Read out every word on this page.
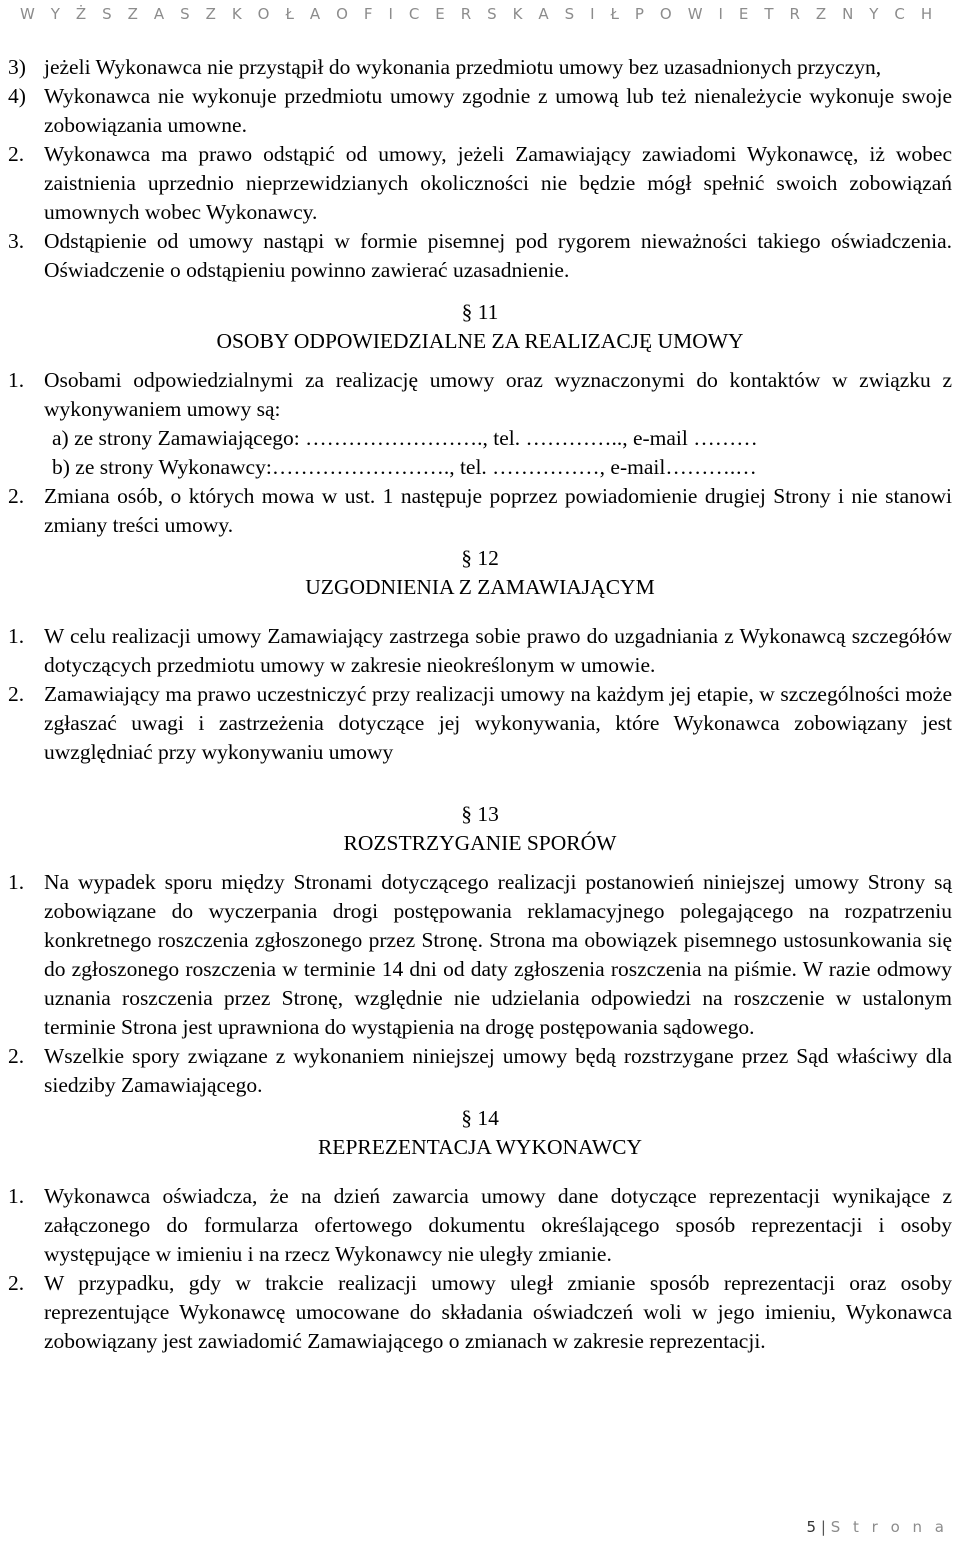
W Y Ż S Z A S Z K O Ł A O F I C E R S K A S I Ł P O W I E T R Z N Y C H
3) jeżeli Wykonawca nie przystąpił do wykonania przedmiotu umowy bez uzasadnionych przyczyn,
4) Wykonawca nie wykonuje przedmiotu umowy zgodnie z umową lub też nienależycie wykonuje swoje zobowiązania umowne.
2. Wykonawca ma prawo odstąpić od umowy, jeżeli Zamawiający zawiadomi Wykonawcę, iż wobec zaistnienia uprzednio nieprzewidzianych okoliczności nie będzie mógł spełnić swoich zobowiązań umownych wobec Wykonawcy.
3. Odstąpienie od umowy nastąpi w formie pisemnej pod rygorem nieważności takiego oświadczenia. Oświadczenie o odstąpieniu powinno zawierać uzasadnienie.
§ 11
OSOBY ODPOWIEDZIALNE ZA REALIZACJĘ UMOWY
1. Osobami odpowiedzialnymi za realizację umowy oraz wyznaczonymi do kontaktów w związku z wykonywaniem umowy są:
a) ze strony Zamawiającego: ……………………., tel. ………….., e-mail ………
b) ze strony Wykonawcy:……………………., tel. ……………, e-mail……….…
2. Zmiana osób, o których mowa w ust. 1 następuje poprzez powiadomienie drugiej Strony i nie stanowi zmiany treści umowy.
§ 12
UZGODNIENIA Z ZAMAWIAJĄCYM
1. W celu realizacji umowy Zamawiający zastrzega sobie prawo do uzgadniania z Wykonawcą szczegółów dotyczących przedmiotu umowy w zakresie nieokreślonym w umowie.
2. Zamawiający ma prawo uczestniczyć przy realizacji umowy na każdym jej etapie, w szczególności może zgłaszać uwagi i zastrzeżenia dotyczące jej wykonywania, które Wykonawca zobowiązany jest uwzględniać przy wykonywaniu umowy
§ 13
ROZSTRZYGANIE SPORÓW
1. Na wypadek sporu między Stronami dotyczącego realizacji postanowień niniejszej umowy Strony są zobowiązane do wyczerpania drogi postępowania reklamacyjnego polegającego na rozpatrzeniu konkretnego roszczenia zgłoszonego przez Stronę. Strona ma obowiązek pisemnego ustosunkowania się do zgłoszonego roszczenia w terminie 14 dni od daty zgłoszenia roszczenia na piśmie. W razie odmowy uznania roszczenia przez Stronę, względnie nie udzielania odpowiedzi na roszczenie w ustalonym terminie Strona jest uprawniona do wystąpienia na drogę postępowania sądowego.
2. Wszelkie spory związane z wykonaniem niniejszej umowy będą rozstrzygane przez Sąd właściwy dla siedziby Zamawiającego.
§ 14
REPREZENTACJA WYKONAWCY
1. Wykonawca oświadcza, że na dzień zawarcia umowy dane dotyczące reprezentacji wynikające z załączonego do formularza ofertowego dokumentu określającego sposób reprezentacji i osoby występujące w imieniu i na rzecz Wykonawcy nie uległy zmianie.
2. W przypadku, gdy w trakcie realizacji umowy uległ zmianie sposób reprezentacji oraz osoby reprezentujące Wykonawcę umocowane do składania oświadczeń woli w jego imieniu, Wykonawca zobowiązany jest zawiadomić Zamawiającego o zmianach w zakresie reprezentacji.
5 | S t r o n a
